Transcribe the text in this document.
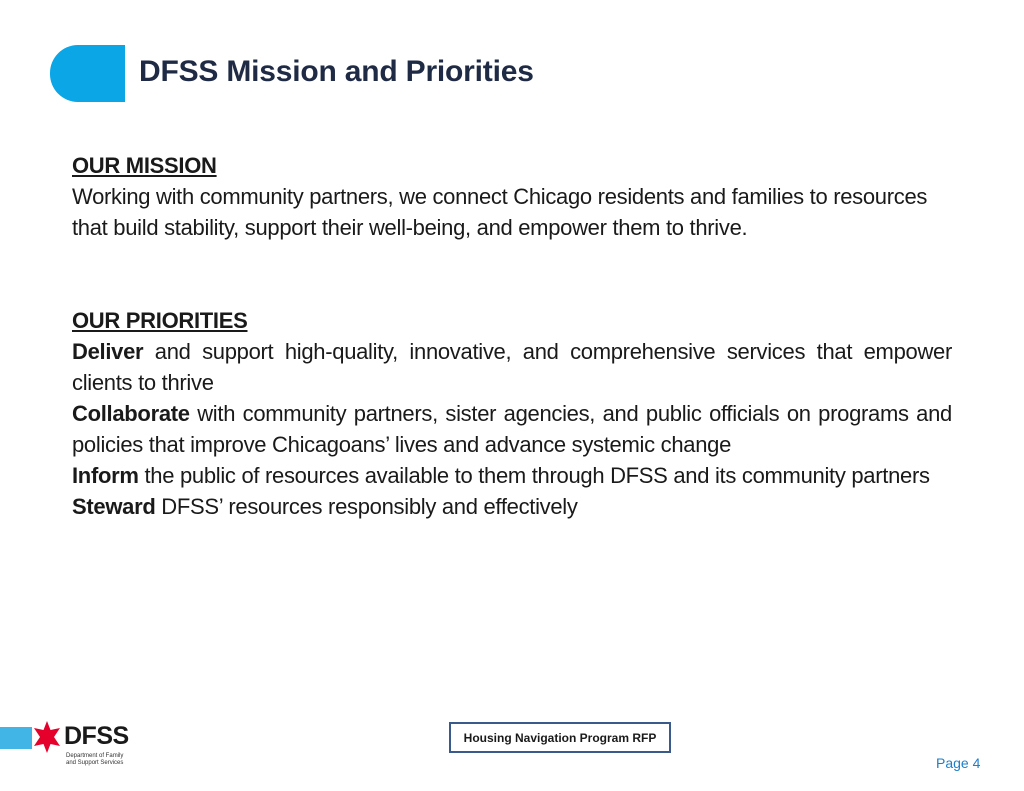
DFSS Mission and Priorities
OUR MISSION
Working with community partners, we connect Chicago residents and families to resources that build stability, support their well-being, and empower them to thrive.
OUR PRIORITIES
Deliver and support high-quality, innovative, and comprehensive services that empower clients to thrive
Collaborate with community partners, sister agencies, and public officials on programs and policies that improve Chicagoans’ lives and advance systemic change
Inform the public of resources available to them through DFSS and its community partners
Steward DFSS’ resources responsibly and effectively
DFSS
Department of Family
and Support Services
Housing Navigation Program RFP
Page 4
